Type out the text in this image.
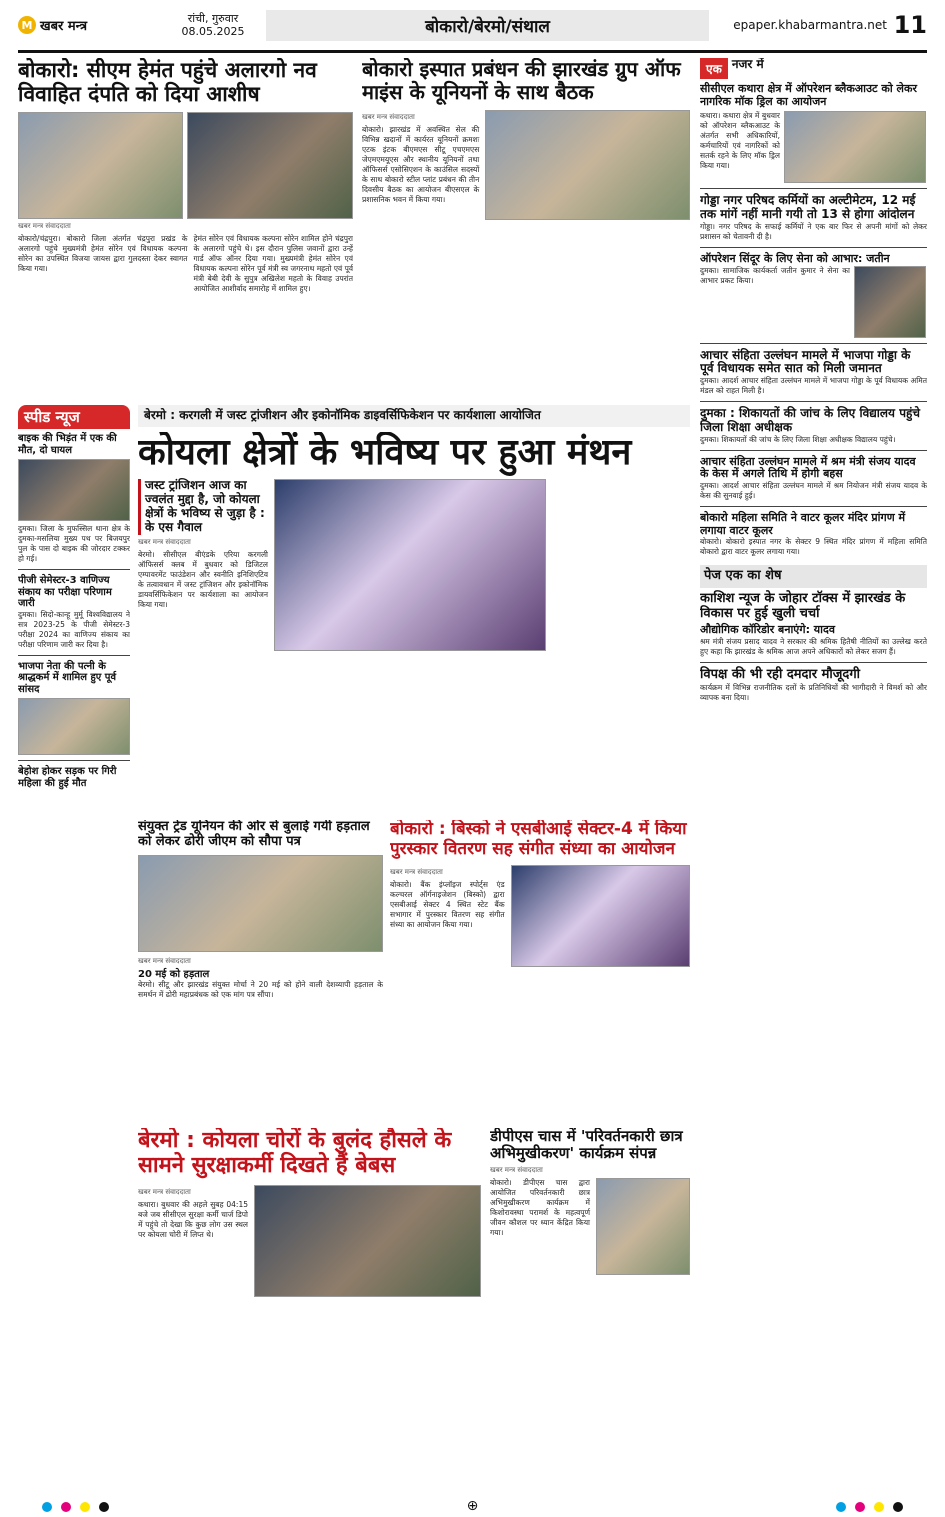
M खबर मन्त्र
रांची, गुरुवार
08.05.2025	बोकारो/बेरमो/संथाल	epaper.khabarmantra.net 11
बोकारो: सीएम हेमंत पहुंचे अलारगो नव विवाहित दंपति को दिया आशीष
खबर मन्त्र संवाददाता
बोकारो/चंद्रपुरा। बोकारो जिला अंतर्गत चंद्रपुरा प्रखंड के अलारगो पहुंचे मुख्यमंत्री हेमंत सोरेन एवं विधायक कल्पना सोरेन का उपस्थित विजया जायस द्वारा गुलदस्ता देकर स्वागत किया गया।
हेमंत सोरेन एवं विधायक कल्पना सोरेन शामिल होने चंद्रपुरा के अलारगो पहुंचे थे। इस दौरान पुलिस जवानों द्वारा उन्हें गार्ड ऑफ ऑनर दिया गया। मुख्यमंत्री हेमंत सोरेन एवं विधायक कल्पना सोरेन पूर्व मंत्री स्व जगरनाथ महतो एवं पूर्व मंत्री बेबी देवी के सुपुत्र अखिलेश महतो के विवाह उपरांत आयोजित आशीर्वाद समारोह में शामिल हुए।
बोकारो इस्पात प्रबंधन की झारखंड ग्रुप ऑफ माइंस के यूनियनों के साथ बैठक
खबर मन्त्र संवाददाता
बोकारो। झारखंड में अवस्थित सेल की विभिन्न खदानों में कार्यरत यूनियनों क्रमशः एटक इंटक बीएमएस सीटू एचएमएस जेएमएमयूएस और स्थानीय यूनियनों तथा ऑफिसर्स एसोसिएशन के काउंसिल सदस्यों के साथ बोकारो स्टील प्लांट प्रबंधन की तीन दिवसीय बैठक का आयोजन बीएसएल के प्रशासनिक भवन में किया गया।
बेरमो : करगली में जस्ट ट्रांजीशन और इकोनॉमिक डाइवर्सिफिकेशन पर कार्यशाला आयोजित
कोयला क्षेत्रों के भविष्य पर हुआ मंथन
जस्ट ट्रांजिशन आज का ज्वलंत मुद्दा है, जो कोयला क्षेत्रों के भविष्य से जुड़ा है : के एस गैवाल
खबर मन्त्र संवाददाता
बेरमो। सीसीएल बीएंडके एरिया करगली ऑफिसर्स क्लब में बुधवार को डिजिटल एम्पावरमेंट फाउंडेशन और स्वनीति इनिशिएटिव के तत्वावधान में जस्ट ट्रांजिशन और इकोनॉमिक डायवर्सिफिकेशन पर कार्यशाला का आयोजन किया गया।
स्पीड न्यूज
बाइक की भिड़ंत में एक की मौत, दो घायल
दुमका। जिला के मुफस्सिल थाना क्षेत्र के दुमका-मसलिया मुख्य पथ पर बिजयपुर पुल के पास दो बाइक की जोरदार टक्कर हो गई।
पीजी सेमेस्टर-3 वाणिज्य संकाय का परीक्षा परिणाम जारी
दुमका। सिदो-कान्हू मुर्मू विश्वविद्यालय ने सत्र 2023-25 के पीजी सेमेस्टर-3 परीक्षा 2024 का वाणिज्य संकाय का परीक्षा परिणाम जारी कर दिया है।
भाजपा नेता की पत्नी के श्राद्धकर्म में शामिल हुए पूर्व सांसद
बेहोश होकर सड़क पर गिरी महिला की हुई मौत
संयुक्त ट्रेड यूनियन की ओर से बुलाई गयी हड़ताल को लेकर ढोरी जीएम को सौपा पत्र
खबर मन्त्र संवाददाता
20 मई को हड़ताल
बेरमो। सीटू और झारखंड संयुक्त मोर्चा ने 20 मई को होने वाली देशव्यापी हड़ताल के समर्थन में ढोरी महाप्रबंधक को एक मांग पत्र सौंपा।
बोकारो : बिस्को ने एसबीआई सेक्टर-4 में किया पुरस्कार वितरण सह संगीत संध्या का आयोजन
खबर मन्त्र संवाददाता
बोकारो। बैंक इंप्लॉइज स्पोर्ट्स एंड कल्चरल ऑर्गनाइजेशन (बिस्को) द्वारा एसबीआई सेक्टर 4 स्थित स्टेट बैंक सभागार में पुरस्कार वितरण सह संगीत संध्या का आयोजन किया गया।
बेरमो : कोयला चोरों के बुलंद हौसले के सामने सुरक्षाकर्मी दिखते हैं बेबस
खबर मन्त्र संवाददाता
कथारा। बुधवार की अहले सुबह 04:15 बजे जब सीसीएल सुरक्षा कर्मी चार्ज डिपो में पहुंचे तो देखा कि कुछ लोग उस स्थल पर कोयला चोरी में लिप्त थे।
डीपीएस चास में 'परिवर्तनकारी छात्र अभिमुखीकरण' कार्यक्रम संपन्न
खबर मन्त्र संवाददाता
बोकारो। डीपीएस चास द्वारा आयोजित परिवर्तनकारी छात्र अभिमुखीकरण कार्यक्रम में किशोरावस्था परामर्श के महत्वपूर्ण जीवन कौशल पर ध्यान केंद्रित किया गया।
एक नजर में
सीसीएल कथारा क्षेत्र में ऑपरेशन ब्लैकआउट को लेकर नागरिक मॉक ड्रिल का आयोजन
कथारा। कथारा क्षेत्र में बुधवार को ऑपरेशन ब्लैकआउट के अंतर्गत सभी अधिकारियों, कर्मचारियों एवं नागरिकों को सतर्क रहने के लिए मॉक ड्रिल किया गया।
गोड्डा नगर परिषद कर्मियों का अल्टीमेटम, 12 मई तक मांगें नहीं मानी गयी तो 13 से होगा आंदोलन
गोड्डा। नगर परिषद के सफाई कर्मियों ने एक बार फिर से अपनी मांगों को लेकर प्रशासन को चेतावनी दी है।
ऑपरेशन सिंदूर के लिए सेना को आभार: जतीन
दुमका। सामाजिक कार्यकर्ता जतीन कुमार ने सेना का आभार प्रकट किया।
आचार संहिता उल्लंघन मामले में भाजपा गोड्डा के पूर्व विधायक समेत सात को मिली जमानत
दुमका। आदर्श आचार संहिता उल्लंघन मामले में भाजपा गोड्डा के पूर्व विधायक अमित मंडल को राहत मिली है।
दुमका : शिकायतों की जांच के लिए विद्यालय पहुंचे जिला शिक्षा अधीक्षक
दुमका। शिकायतों की जांच के लिए जिला शिक्षा अधीक्षक विद्यालय पहुंचे।
आचार संहिता उल्लंघन मामले में श्रम मंत्री संजय यादव के केस में अगले तिथि में होगी बहस
दुमका। आदर्श आचार संहिता उल्लंघन मामले में श्रम नियोजन मंत्री संजय यादव के केस की सुनवाई हुई।
बोकारो महिला समिति ने वाटर कूलर मंदिर प्रांगण में लगाया वाटर कूलर
बोकारो। बोकारो इस्पात नगर के सेक्टर 9 स्थित मंदिर प्रांगण में महिला समिति बोकारो द्वारा वाटर कूलर लगाया गया।
पेज एक का शेष
काशिश न्यूज के जोहार टॉक्स में झारखंड के विकास पर हुई खुली चर्चा
औद्योगिक कॉरिडोर बनाएंगे: यादव
श्रम मंत्री संजय प्रसाद यादव ने सरकार की श्रमिक हितैषी नीतियों का उल्लेख करते हुए कहा कि झारखंड के श्रमिक आज अपने अधिकारों को लेकर सजग हैं।
विपक्ष की भी रही दमदार मौजूदगी
कार्यक्रम में विभिन्न राजनीतिक दलों के प्रतिनिधियों की भागीदारी ने विमर्श को और व्यापक बना दिया।

⊕
